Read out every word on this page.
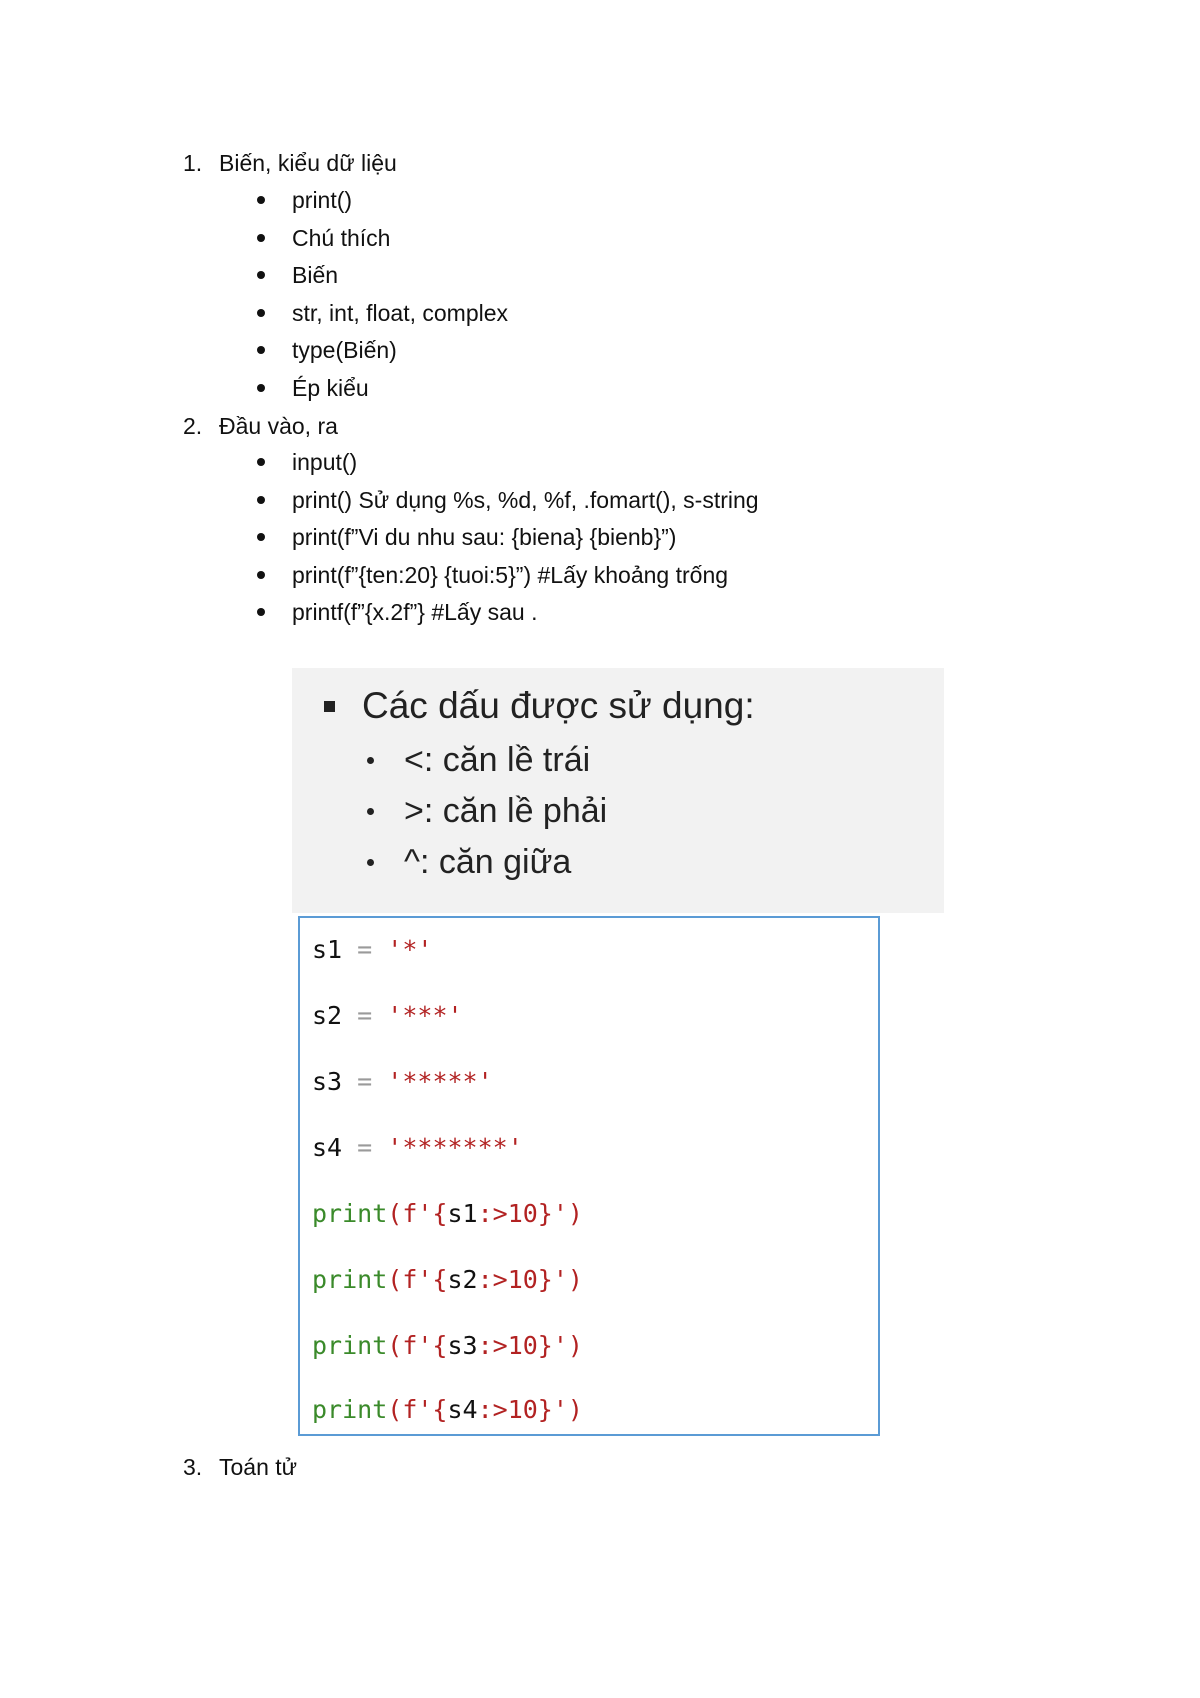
1. Biến, kiểu dữ liệu
print()
Chú thích
Biến
str, int, float, complex
type(Biến)
Ép kiểu
2. Đầu vào, ra
input()
print() Sử dụng %s, %d, %f, .fomart(), s-string
print(f”Vi du nhu sau: {biena} {bienb}”)
print(f”{ten:20} {tuoi:5}”) #Lấy khoảng trống
printf(f”{x.2f”} #Lấy sau .
Các dấu được sử dụng:
<: căn lề trái
>: căn lề phải
^: căn giữa
s1 = '*'
s2 = '***'
s3 = '*****'
s4 = '*******'
print(f'{s1:>10}')
print(f'{s2:>10}')
print(f'{s3:>10}')
print(f'{s4:>10}')
3. Toán tử
